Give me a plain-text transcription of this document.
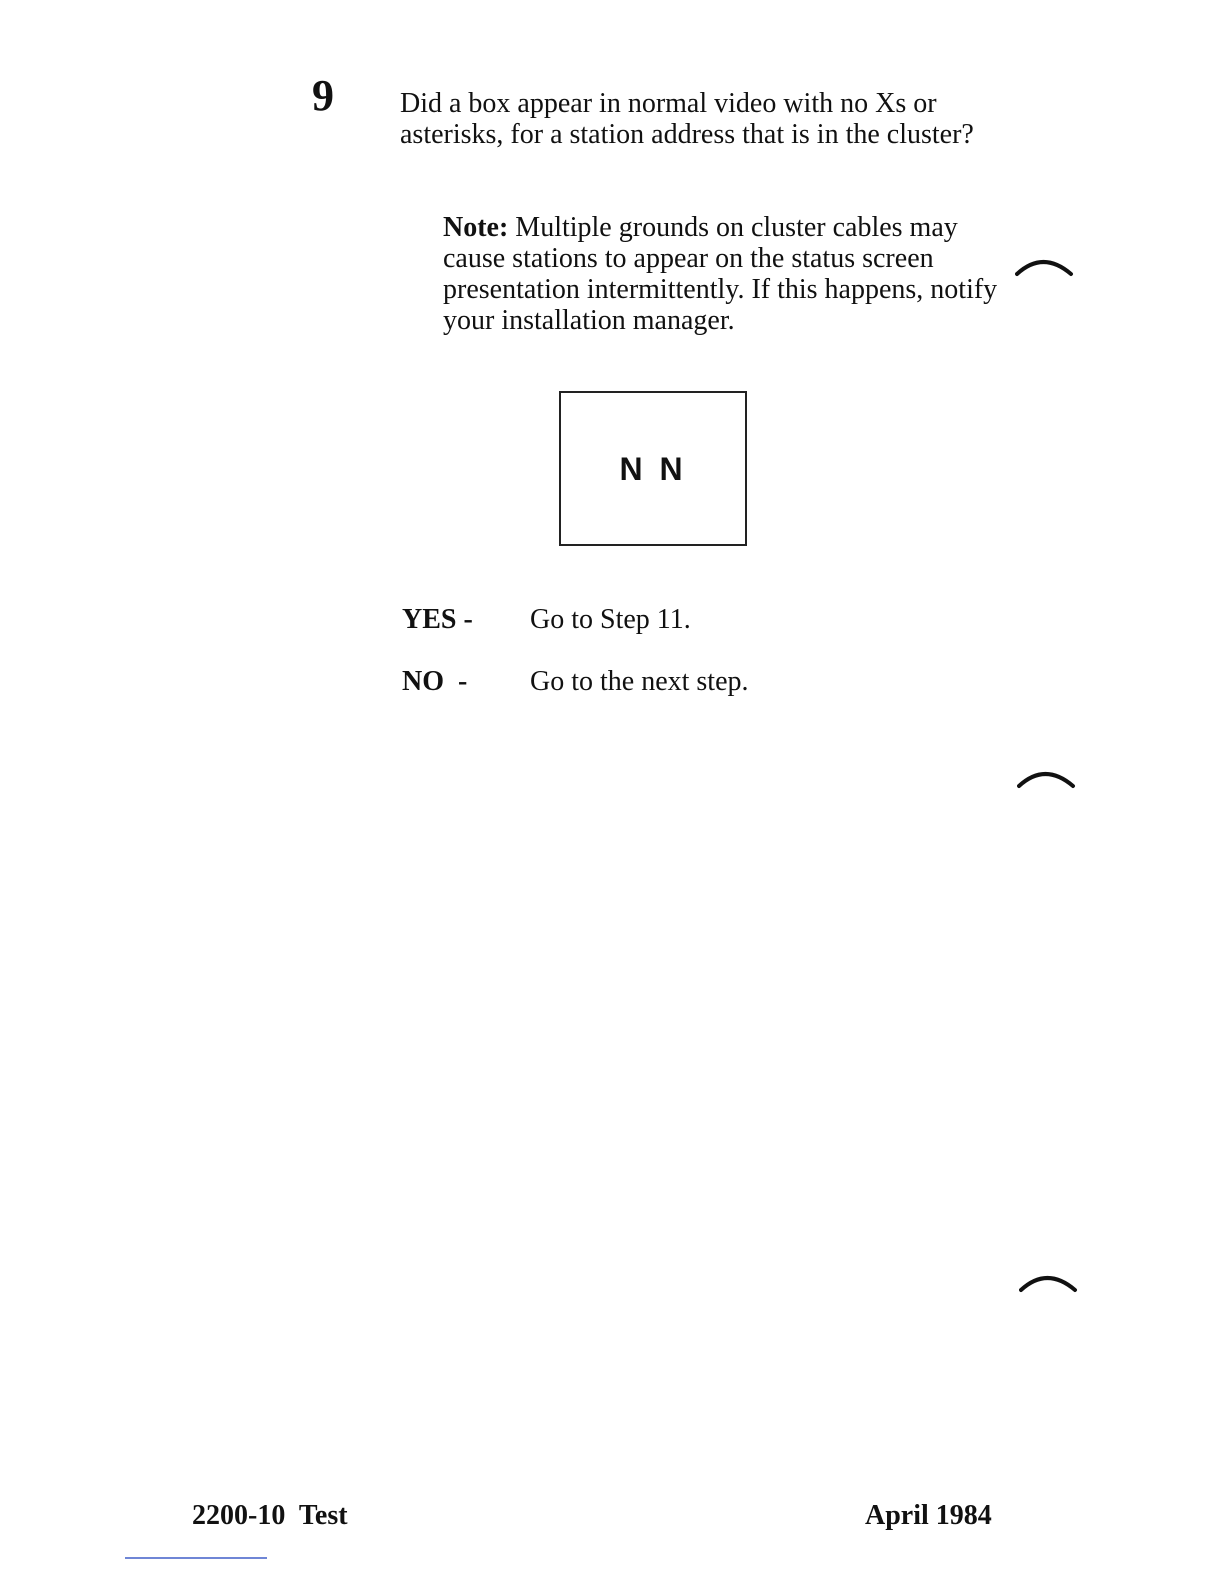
9 Did a box appear in normal video with no Xs or asterisks, for a station address that is in the cluster?

Note: Multiple grounds on cluster cables may cause stations to appear on the status screen presentation intermittently. If this happens, notify your installation manager.

N N
YES - Go to Step 11.
NO  - Go to the next step.
2200-10  Test	April 1984
